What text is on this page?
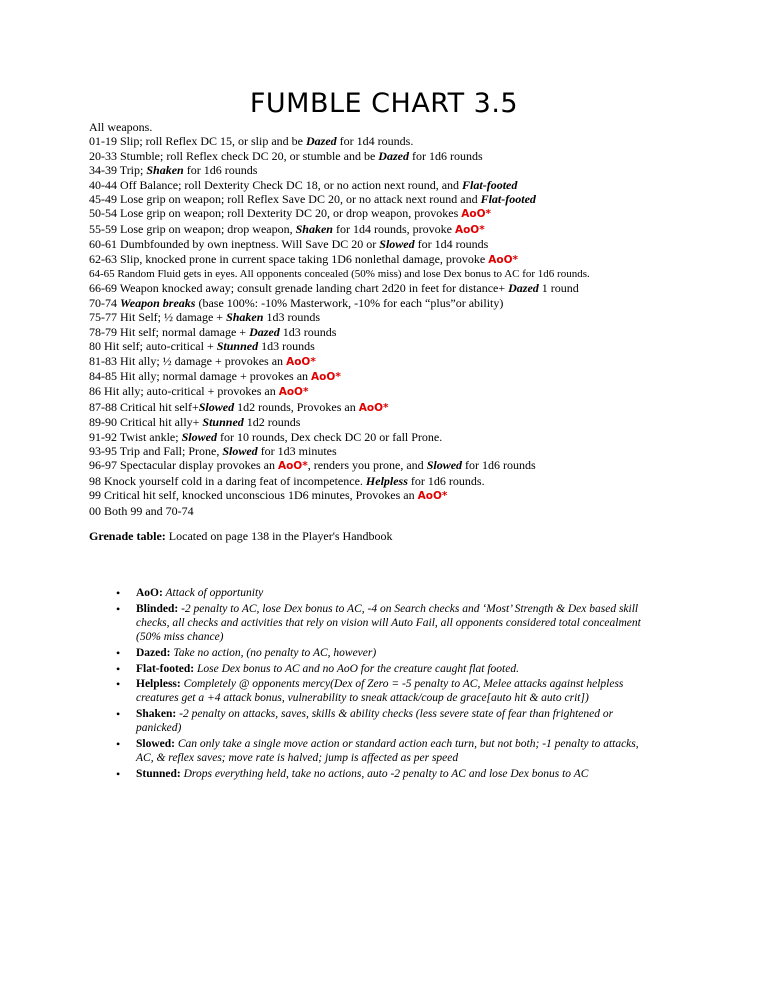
FUMBLE CHART 3.5
All weapons.
01-19 Slip; roll Reflex DC 15, or slip and be Dazed for 1d4 rounds.
20-33 Stumble; roll Reflex check DC 20, or stumble and be Dazed for 1d6 rounds
34-39 Trip; Shaken for 1d6 rounds
40-44 Off Balance; roll Dexterity Check DC 18, or no action next round, and Flat-footed
45-49 Lose grip on weapon; roll Reflex Save DC 20, or no attack next round and Flat-footed
50-54 Lose grip on weapon; roll Dexterity DC 20, or drop weapon, provokes AoO*
55-59 Lose grip on weapon; drop weapon, Shaken for 1d4 rounds, provoke AoO*
60-61 Dumbfounded by own ineptness. Will Save DC 20 or Slowed for 1d4 rounds
62-63 Slip, knocked prone in current space taking 1D6 nonlethal damage, provoke AoO*
64-65 Random Fluid gets in eyes. All opponents concealed (50% miss) and lose Dex bonus to AC for 1d6 rounds.
66-69 Weapon knocked away; consult grenade landing chart 2d20 in feet for distance+ Dazed 1 round
70-74 Weapon breaks (base 100%: -10% Masterwork, -10% for each “plus”or ability)
75-77 Hit Self; ½ damage + Shaken 1d3 rounds
78-79 Hit self; normal damage + Dazed 1d3 rounds
80 Hit self; auto-critical + Stunned 1d3 rounds
81-83 Hit ally; ½ damage + provokes an AoO*
84-85 Hit ally; normal damage + provokes an AoO*
86 Hit ally; auto-critical + provokes an AoO*
87-88 Critical hit self+Slowed 1d2 rounds, Provokes an AoO*
89-90 Critical hit ally+ Stunned 1d2 rounds
91-92 Twist ankle; Slowed for 10 rounds, Dex check DC 20 or fall Prone.
93-95 Trip and Fall; Prone, Slowed for 1d3 minutes
96-97 Spectacular display provokes an AoO*, renders you prone, and Slowed for 1d6 rounds
98 Knock yourself cold in a daring feat of incompetence. Helpless for 1d6 rounds.
99 Critical hit self, knocked unconscious 1D6 minutes, Provokes an AoO*
00 Both 99 and 70-74
Grenade table: Located on page 138 in the Player's Handbook
• AoO: Attack of opportunity
• Blinded: -2 penalty to AC, lose Dex bonus to AC, -4 on Search checks and ‘Most’ Strength & Dex based skill checks, all checks and activities that rely on vision will Auto Fail, all opponents considered total concealment (50% miss chance)
• Dazed: Take no action, (no penalty to AC, however)
• Flat-footed: Lose Dex bonus to AC and no AoO for the creature caught flat footed.
• Helpless: Completely @ opponents mercy(Dex of Zero = -5 penalty to AC, Melee attacks against helpless creatures get a +4 attack bonus, vulnerability to sneak attack/coup de grace[auto hit & auto crit])
• Shaken: -2 penalty on attacks, saves, skills & ability checks (less severe state of fear than frightened or panicked)
• Slowed: Can only take a single move action or standard action each turn, but not both; -1 penalty to attacks, AC, & reflex saves; move rate is halved; jump is affected as per speed
• Stunned: Drops everything held, take no actions, auto -2 penalty to AC and lose Dex bonus to AC
